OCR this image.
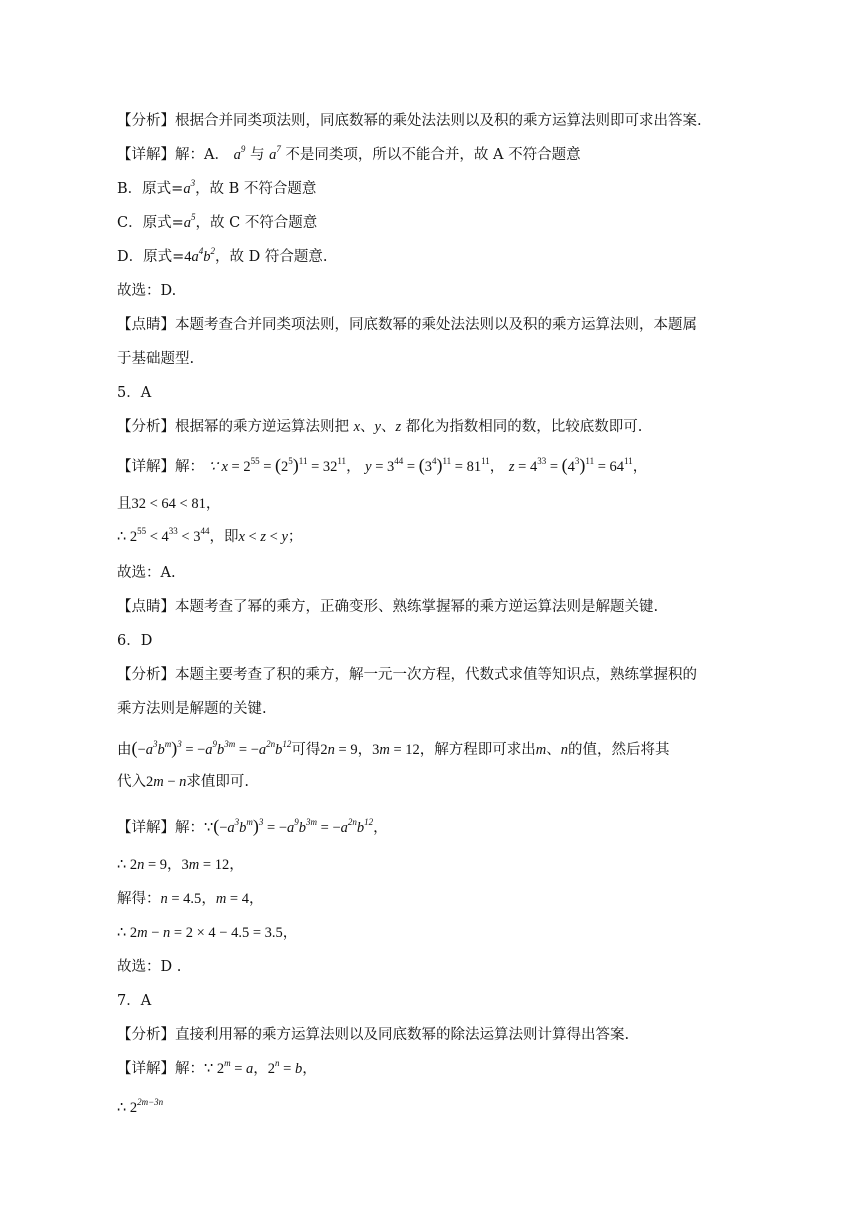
【分析】根据合并同类项法则，同底数幂的乘处法法则以及积的乘方运算法则即可求出答案.
【详解】解：A． $a^9$ 与 $a^7$ 不是同类项，所以不能合并，故 A 不符合题意
B．原式$=a^3$，故 B 不符合题意
C．原式$=a^5$，故 C 不符合题意
D．原式$=4a^4b^2$，故 D 符合题意.
故选：D.
【点睛】本题考查合并同类项法则，同底数幂的乘处法法则以及积的乘方运算法则，本题属
于基础题型.
5．A
【分析】根据幂的乘方逆运算法则把 x、y、z 都化为指数相同的数，比较底数即可.
【详解】解： ∵ $x = 2^{55} = (2^5)^{11} = 32^{11}$， $y = 3^{44} = (3^4)^{11} = 81^{11}$， $z = 4^{33} = (4^3)^{11} = 64^{11}$，
且32 < 64 < 81，
∴ $2^{55} < 4^{33} < 3^{44}$，即x < z < y；
故选：A.
【点睛】本题考查了幂的乘方，正确变形、熟练掌握幂的乘方逆运算法则是解题关键.
6．D
【分析】本题主要考查了积的乘方，解一元一次方程，代数式求值等知识点，熟练掌握积的
乘方法则是解题的关键.
由$(-a^3b^m)^3 = -a^9b^{3m} = -a^{2n}b^{12}$可得2n = 9，3m = 12，解方程即可求出m、n的值，然后将其
代入2m − n求值即可.
【详解】解：$\because(-a^3b^m)^3 = -a^9b^{3m} = -a^{2n}b^{12}$，
∴ 2n = 9，3m = 12，
解得：n = 4.5，m = 4，
∴ 2m − n = 2 × 4 − 4.5 = 3.5，
故选：D .
7．A
【分析】直接利用幂的乘方运算法则以及同底数幂的除法运算法则计算得出答案.
【详解】解：∵ $2^m = a$，$2^n = b$，
∴ $2^{2m-3n}$
